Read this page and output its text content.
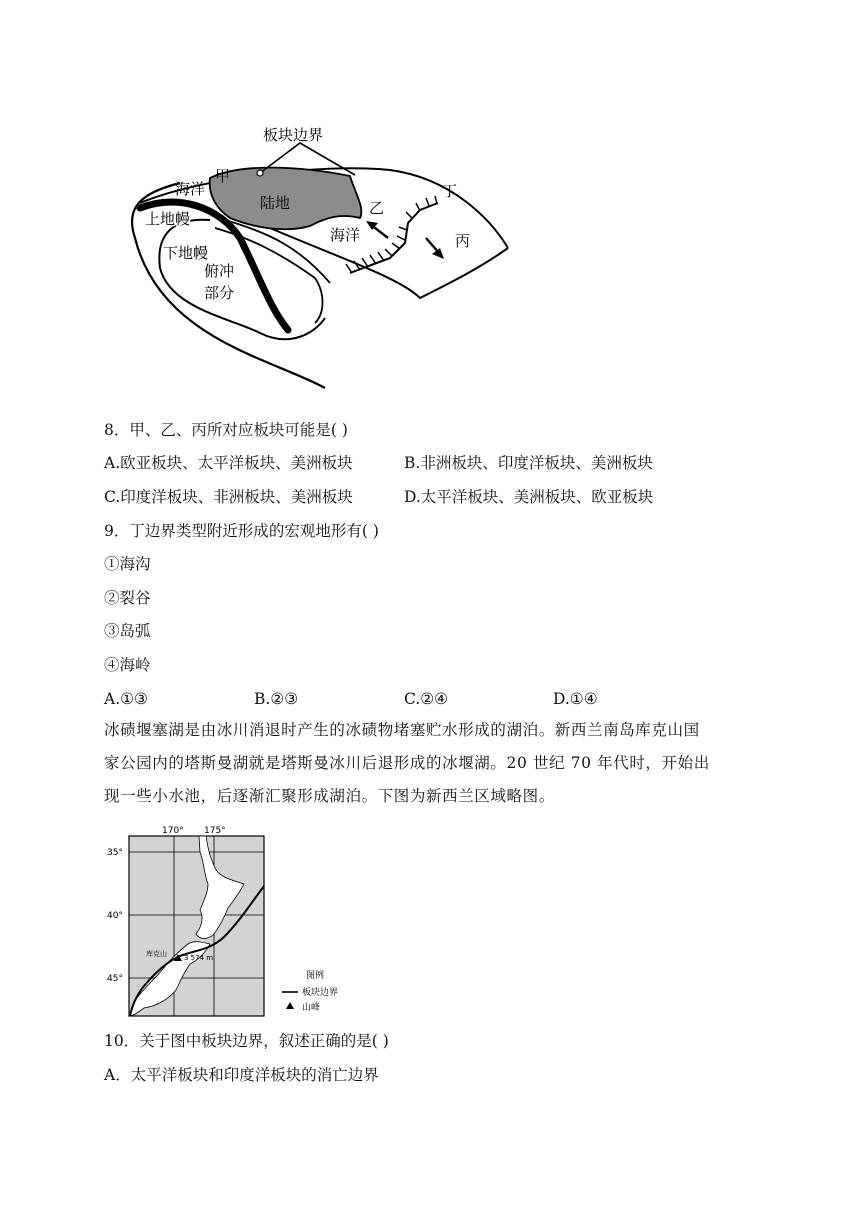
板块边界
海洋
甲
陆地
丁
乙
海洋	丙
上地幔
下地幔
俯冲
部分
8．甲、乙、丙所对应板块可能是( )
A.欧亚板块、太平洋板块、美洲板块	B.非洲板块、印度洋板块、美洲板块
C.印度洋板块、非洲板块、美洲板块	D.太平洋板块、美洲板块、欧亚板块
9．丁边界类型附近形成的宏观地形有( )
①海沟
②裂谷
③岛弧
④海岭
A.①③	B.②③	C.②④	D.①④
冰碛堰塞湖是由冰川消退时产生的冰碛物堵塞贮水形成的湖泊。新西兰南岛库克山国
家公园内的塔斯曼湖就是塔斯曼冰川后退形成的冰堰湖。20 世纪 70 年代时，开始出
现一些小水池，后逐渐汇聚形成湖泊。下图为新西兰区域略图。
库克山 3 574 m
170° 175°
35°
40°
45°	图例
板块边界
山峰
10．关于图中板块边界，叙述正确的是( )
A．太平洋板块和印度洋板块的消亡边界
